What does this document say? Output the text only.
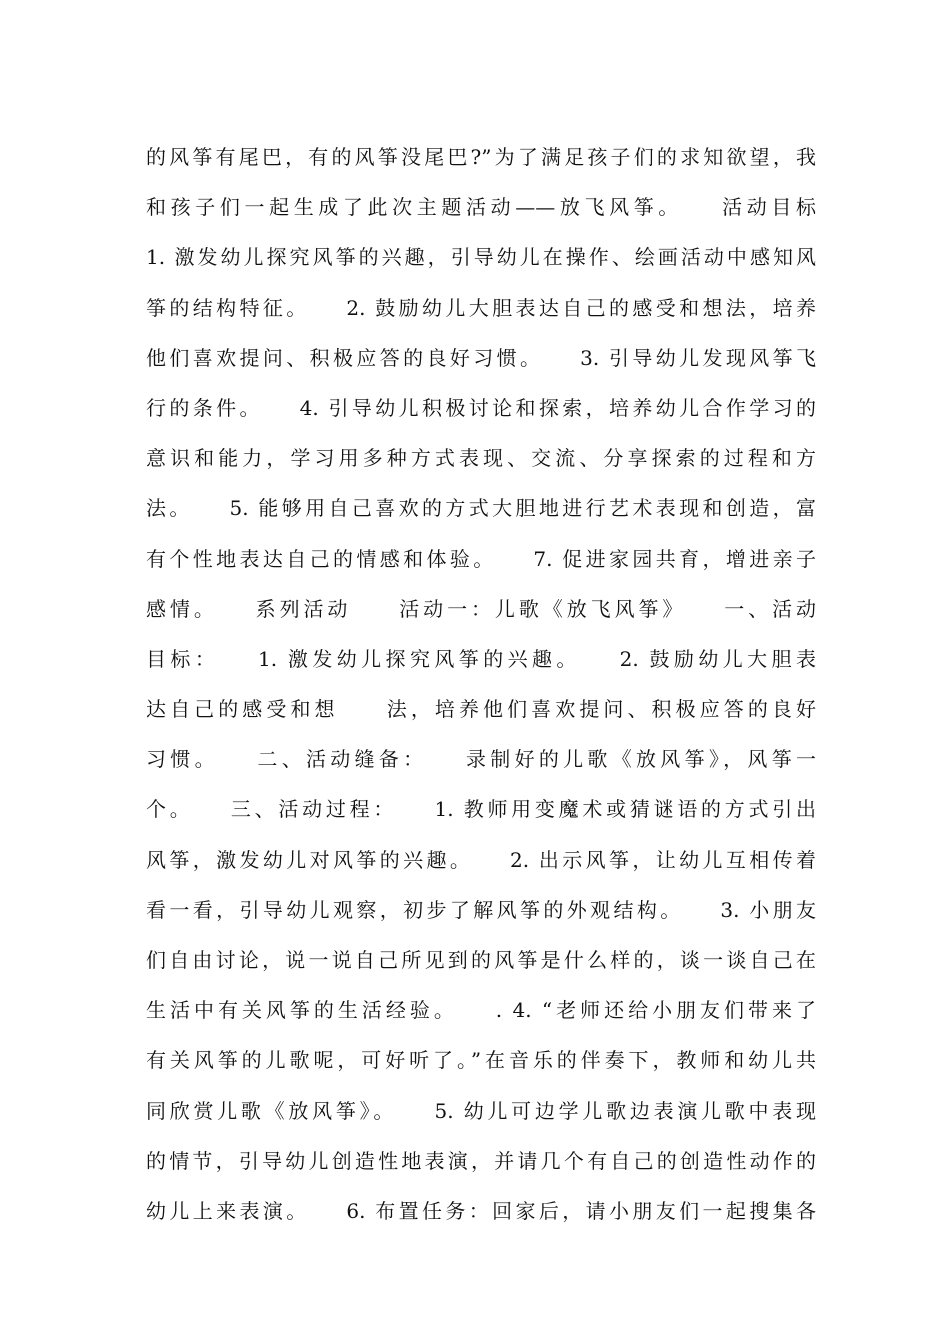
的风筝有尾巴，有的风筝没尾巴?”为了满足孩子们的求知欲望，我
和孩子们一起生成了此次主题活动——放飞风筝。　　活动目标
1. 激发幼儿探究风筝的兴趣，引导幼儿在操作、绘画活动中感知风
筝的结构特征。　　2. 鼓励幼儿大胆表达自己的感受和想法，培养
他们喜欢提问、积极应答的良好习惯。　　3. 引导幼儿发现风筝飞
行的条件。　　4. 引导幼儿积极讨论和探索，培养幼儿合作学习的
意识和能力，学习用多种方式表现、交流、分享探索的过程和方
法。　　5. 能够用自己喜欢的方式大胆地进行艺术表现和创造，富
有个性地表达自己的情感和体验。　　7. 促进家园共育，增进亲子
感情。　　系列活动　　活动一：儿歌《放飞风筝》　　一、活动
目标：　　1. 激发幼儿探究风筝的兴趣。　　2. 鼓励幼儿大胆表
达自己的感受和想　　法，培养他们喜欢提问、积极应答的良好
习惯。　　二、活动缝备：　　录制好的儿歌《放风筝》，风筝一
个。　　三、活动过程：　　1. 教师用变魔术或猜谜语的方式引出
风筝，激发幼儿对风筝的兴趣。　　2. 出示风筝，让幼儿互相传着
看一看，引导幼儿观察，初步了解风筝的外观结构。　　3. 小朋友
们自由讨论，说一说自己所见到的风筝是什么样的，谈一谈自己在
生活中有关风筝的生活经验。　　. 4. “老师还给小朋友们带来了
有关风筝的儿歌呢，可好听了。”在音乐的伴奏下，教师和幼儿共
同欣赏儿歌《放风筝》。　　5. 幼儿可边学儿歌边表演儿歌中表现
的情节，引导幼儿创造性地表演，并请几个有自己的创造性动作的
幼儿上来表演。　　6. 布置任务：回家后，请小朋友们一起搜集各
